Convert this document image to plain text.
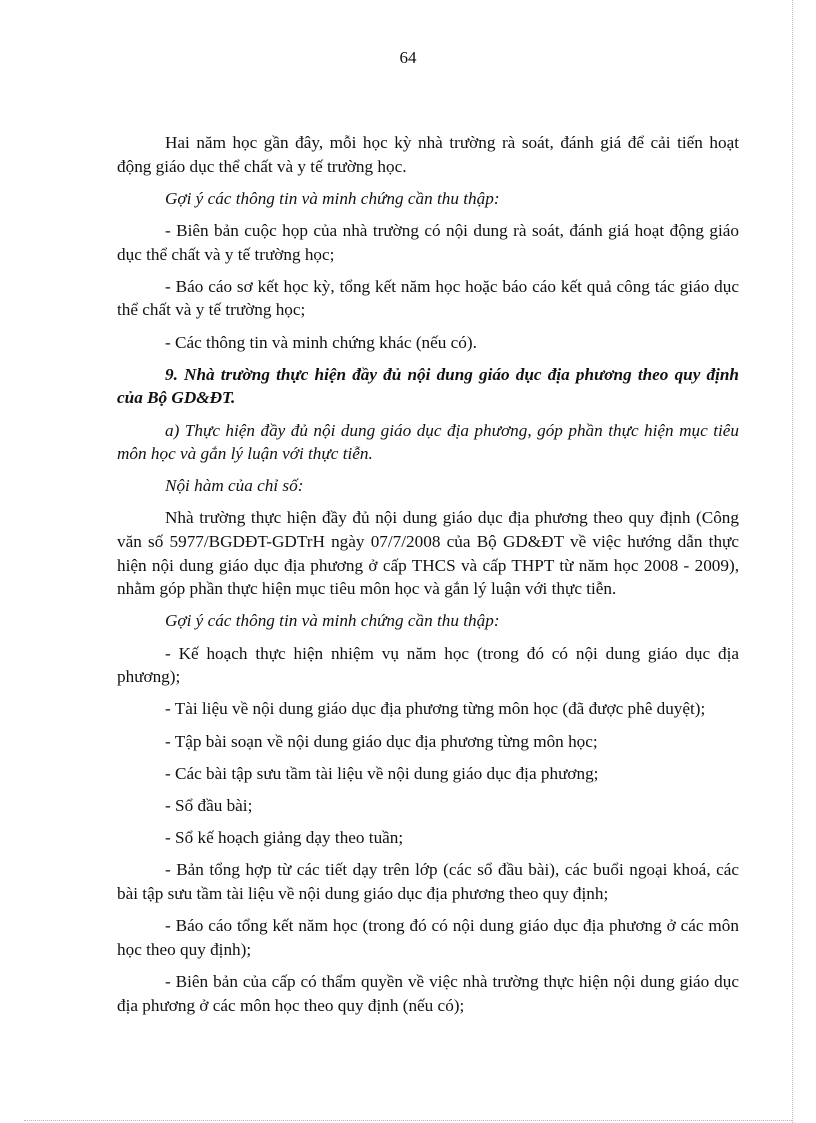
64

Hai năm học gần đây, mỗi học kỳ nhà trường rà soát, đánh giá để cải tiến hoạt động giáo dục thể chất và y tế trường học.

Gợi ý các thông tin và minh chứng cần thu thập:

- Biên bản cuộc họp của nhà trường có nội dung rà soát, đánh giá hoạt động giáo dục thể chất và y tế trường học;

- Báo cáo sơ kết học kỳ, tổng kết năm học hoặc báo cáo kết quả công tác giáo dục thể chất và y tế trường học;

- Các thông tin và minh chứng khác (nếu có).

9. Nhà trường thực hiện đầy đủ nội dung giáo dục địa phương theo quy định của Bộ GD&ĐT.

a) Thực hiện đầy đủ nội dung giáo dục địa phương, góp phần thực hiện mục tiêu môn học và gắn lý luận với thực tiễn.

Nội hàm của chỉ số:

Nhà trường thực hiện đầy đủ nội dung giáo dục địa phương theo quy định (Công văn số 5977/BGDĐT-GDTrH ngày 07/7/2008 của Bộ GD&ĐT về việc hướng dẫn thực hiện nội dung giáo dục địa phương ở cấp THCS và cấp THPT từ năm học 2008 - 2009), nhằm góp phần thực hiện mục tiêu môn học và gắn lý luận với thực tiễn.

Gợi ý các thông tin và minh chứng cần thu thập:

- Kế hoạch thực hiện nhiệm vụ năm học (trong đó có nội dung giáo dục địa phương);

- Tài liệu về nội dung giáo dục địa phương từng môn học (đã được phê duyệt);

- Tập bài soạn về nội dung giáo dục địa phương từng môn học;

- Các bài tập sưu tầm tài liệu về nội dung giáo dục địa phương;

- Sổ đầu bài;

- Sổ kế hoạch giảng dạy theo tuần;

- Bản tổng hợp từ các tiết dạy trên lớp (các sổ đầu bài), các buổi ngoại khoá, các bài tập sưu tầm tài liệu về nội dung giáo dục địa phương theo quy định;

- Báo cáo tổng kết năm học (trong đó có nội dung giáo dục địa phương ở các môn học theo quy định);

- Biên bản của cấp có thẩm quyền về việc nhà trường thực hiện nội dung giáo dục địa phương ở các môn học theo quy định (nếu có);
